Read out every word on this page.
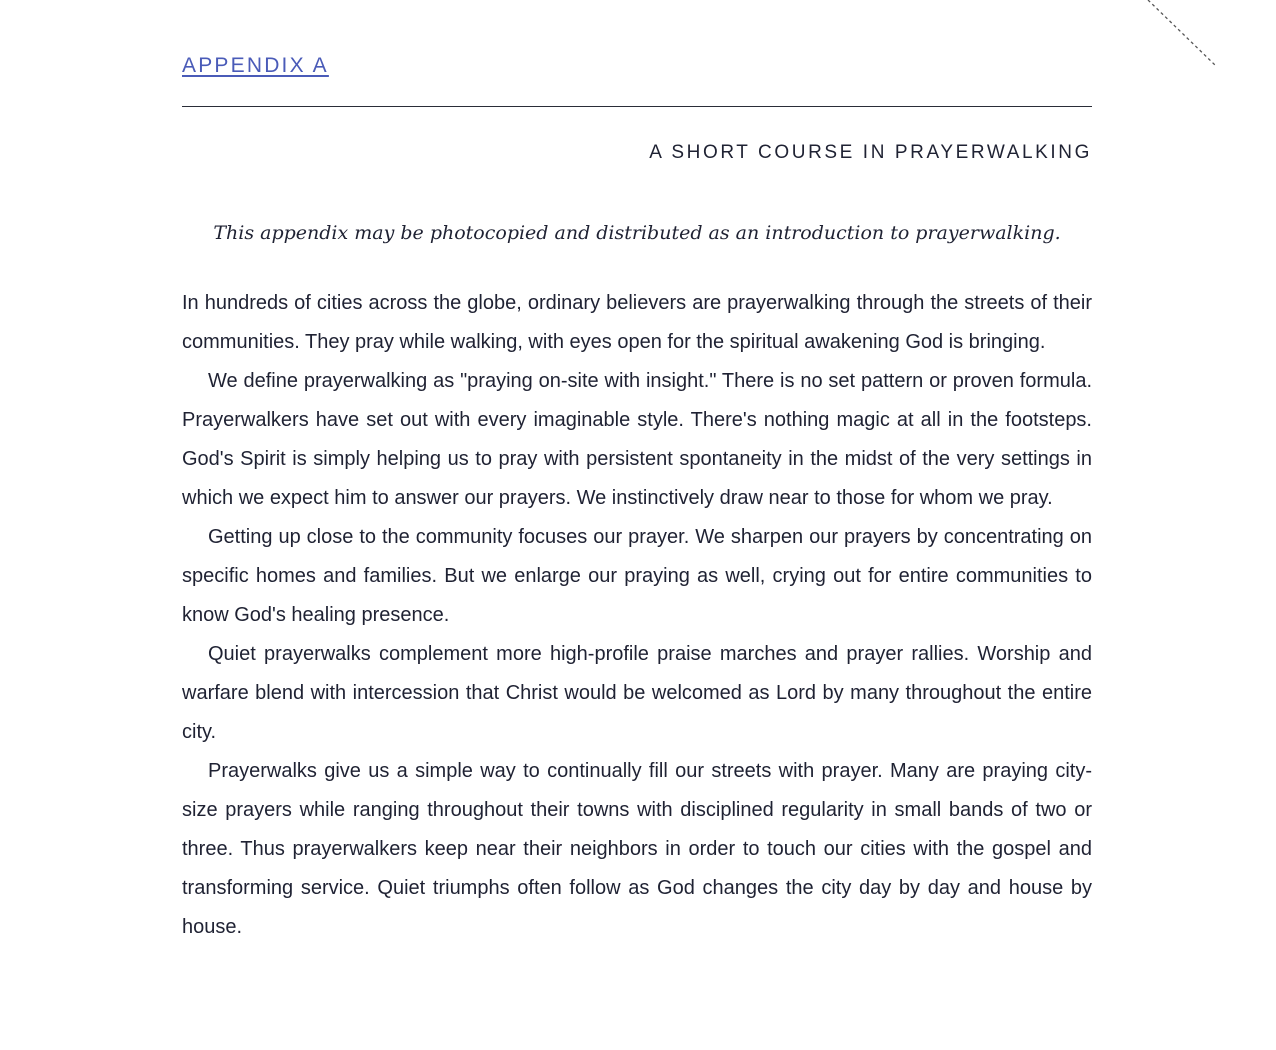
APPENDIX A
A SHORT COURSE IN PRAYERWALKING
This appendix may be photocopied and distributed as an introduction to prayerwalking.

In hundreds of cities across the globe, ordinary believers are prayerwalking through the streets of their communities. They pray while walking, with eyes open for the spiritual awakening God is bringing.

We define prayerwalking as "praying on-site with insight." There is no set pattern or proven formula. Prayerwalkers have set out with every imaginable style. There's nothing magic at all in the footsteps. God's Spirit is simply helping us to pray with persistent spontaneity in the midst of the very settings in which we expect him to answer our prayers. We instinctively draw near to those for whom we pray.

Getting up close to the community focuses our prayer. We sharpen our prayers by concentrating on specific homes and families. But we enlarge our praying as well, crying out for entire communities to know God's healing presence.

Quiet prayerwalks complement more high-profile praise marches and prayer rallies. Worship and warfare blend with intercession that Christ would be welcomed as Lord by many throughout the entire city.

Prayerwalks give us a simple way to continually fill our streets with prayer. Many are praying city-size prayers while ranging throughout their towns with disciplined regularity in small bands of two or three. Thus prayerwalkers keep near their neighbors in order to touch our cities with the gospel and transforming service. Quiet triumphs often follow as God changes the city day by day and house by house.
